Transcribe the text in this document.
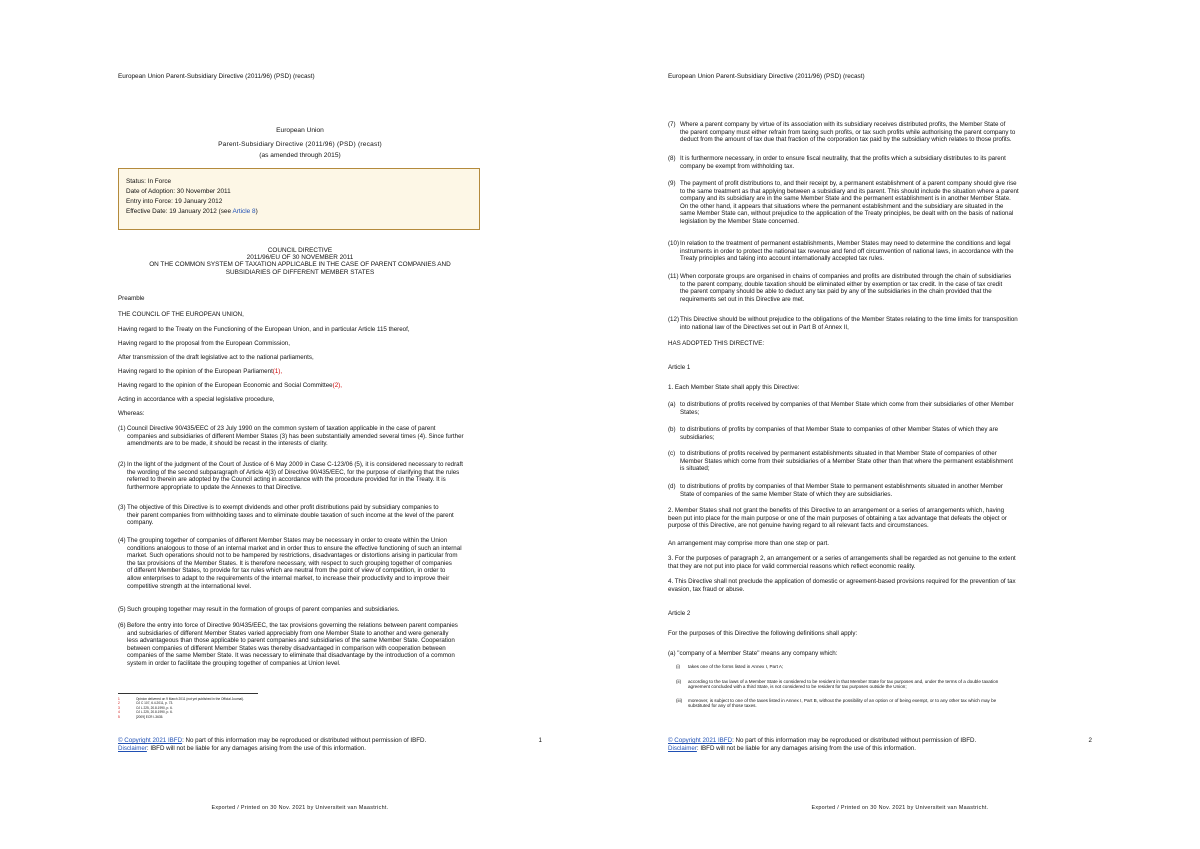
European Union Parent-Subsidiary Directive (2011/96) (PSD) (recast)
European Union
Parent-Subsidiary Directive (2011/96) (PSD) (recast)
(as amended through 2015)
Status: In Force
Date of Adoption: 30 November 2011
Entry into Force: 19 January 2012
Effective Date: 19 January 2012 (see Article 8)
COUNCIL DIRECTIVE
2011/96/EU OF 30 NOVEMBER 2011
ON THE COMMON SYSTEM OF TAXATION APPLICABLE IN THE CASE OF PARENT COMPANIES AND
SUBSIDIARIES OF DIFFERENT MEMBER STATES
Preamble
THE COUNCIL OF THE EUROPEAN UNION,
Having regard to the Treaty on the Functioning of the European Union, and in particular Article 115 thereof,
Having regard to the proposal from the European Commission,
After transmission of the draft legislative act to the national parliaments,
Having regard to the opinion of the European Parliament(1),
Having regard to the opinion of the European Economic and Social Committee(2),
Acting in accordance with a special legislative procedure,
Whereas:
(1) Council Directive 90/435/EEC of 23 July 1990 on the common system of taxation applicable in the case of parent
companies and subsidiaries of different Member States (3) has been substantially amended several times (4). Since further
amendments are to be made, it should be recast in the interests of clarity.
(2) In the light of the judgment of the Court of Justice of 6 May 2009 in Case C-123/06 (5), it is considered necessary to redraft
the wording of the second subparagraph of Article 4(3) of Directive 90/435/EEC, for the purpose of clarifying that the rules
referred to therein are adopted by the Council acting in accordance with the procedure provided for in the Treaty. It is
furthermore appropriate to update the Annexes to that Directive.
(3) The objective of this Directive is to exempt dividends and other profit distributions paid by subsidiary companies to
their parent companies from withholding taxes and to eliminate double taxation of such income at the level of the parent
company.
(4) The grouping together of companies of different Member States may be necessary in order to create within the Union
conditions analogous to those of an internal market and in order thus to ensure the effective functioning of such an internal
market. Such operations should not to be hampered by restrictions, disadvantages or distortions arising in particular from
the tax provisions of the Member States. It is therefore necessary, with respect to such grouping together of companies
of different Member States, to provide for tax rules which are neutral from the point of view of competition, in order to
allow enterprises to adapt to the requirements of the internal market, to increase their productivity and to improve their
competitive strength at the international level.
(5) Such grouping together may result in the formation of groups of parent companies and subsidiaries.
(6) Before the entry into force of Directive 90/435/EEC, the tax provisions governing the relations between parent companies
and subsidiaries of different Member States varied appreciably from one Member State to another and were generally
less advantageous than those applicable to parent companies and subsidiaries of the same Member State. Cooperation
between companies of different Member States was thereby disadvantaged in comparison with cooperation between
companies of the same Member State. It was necessary to eliminate that disadvantage by the introduction of a common
system in order to facilitate the grouping together of companies at Union level.
1	Opinion delivered on 9 March 2011 (not yet published in the Official Journal).
2	OJ C 107, 6.4.2011, p. 73.
3	OJ L 225, 20.8.1990, p. 6.
4	OJ L 225, 20.8.1990, p. 6.
5	[2009] ECR I-3635.
© Copyright 2021 IBFD: No part of this information may be reproduced or distributed without permission of IBFD.
Disclaimer: IBFD will not be liable for any damages arising from the use of this information.
1
Exported / Printed on 30 Nov. 2021 by Universiteit van Maastricht.
European Union Parent-Subsidiary Directive (2011/96) (PSD) (recast)
(7) Where a parent company by virtue of its association with its subsidiary receives distributed profits, the Member State of
the parent company must either refrain from taxing such profits, or tax such profits while authorising the parent company to
deduct from the amount of tax due that fraction of the corporation tax paid by the subsidiary which relates to those profits.
(8) It is furthermore necessary, in order to ensure fiscal neutrality, that the profits which a subsidiary distributes to its parent
company be exempt from withholding tax.
(9) The payment of profit distributions to, and their receipt by, a permanent establishment of a parent company should give rise
to the same treatment as that applying between a subsidiary and its parent. This should include the situation where a parent
company and its subsidiary are in the same Member State and the permanent establishment is in another Member State.
On the other hand, it appears that situations where the permanent establishment and the subsidiary are situated in the
same Member State can, without prejudice to the application of the Treaty principles, be dealt with on the basis of national
legislation by the Member State concerned.
(10) In relation to the treatment of permanent establishments, Member States may need to determine the conditions and legal
instruments in order to protect the national tax revenue and fend off circumvention of national laws, in accordance with the
Treaty principles and taking into account internationally accepted tax rules.
(11) When corporate groups are organised in chains of companies and profits are distributed through the chain of subsidiaries
to the parent company, double taxation should be eliminated either by exemption or tax credit. In the case of tax credit
the parent company should be able to deduct any tax paid by any of the subsidiaries in the chain provided that the
requirements set out in this Directive are met.
(12) This Directive should be without prejudice to the obligations of the Member States relating to the time limits for transposition
into national law of the Directives set out in Part B of Annex II,
HAS ADOPTED THIS DIRECTIVE:
Article 1
1. Each Member State shall apply this Directive:
(a) to distributions of profits received by companies of that Member State which come from their subsidiaries of other Member
States;
(b) to distributions of profits by companies of that Member State to companies of other Member States of which they are
subsidiaries;
(c) to distributions of profits received by permanent establishments situated in that Member State of companies of other
Member States which come from their subsidiaries of a Member State other than that where the permanent establishment
is situated;
(d) to distributions of profits by companies of that Member State to permanent establishments situated in another Member
State of companies of the same Member State of which they are subsidiaries.
2. Member States shall not grant the benefits of this Directive to an arrangement or a series of arrangements which, having
been put into place for the main purpose or one of the main purposes of obtaining a tax advantage that defeats the object or
purpose of this Directive, are not genuine having regard to all relevant facts and circumstances.
An arrangement may comprise more than one step or part.
3. For the purposes of paragraph 2, an arrangement or a series of arrangements shall be regarded as not genuine to the extent
that they are not put into place for valid commercial reasons which reflect economic reality.
4. This Directive shall not preclude the application of domestic or agreement-based provisions required for the prevention of tax
evasion, tax fraud or abuse.
Article 2
For the purposes of this Directive the following definitions shall apply:
(a) "company of a Member State" means any company which:
(i) takes one of the forms listed in Annex I, Part A;
(ii) according to the tax laws of a Member State is considered to be resident in that Member State for tax purposes and, under the terms of a double taxation
agreement concluded with a third State, is not considered to be resident for tax purposes outside the Union;
(iii) moreover, is subject to one of the taxes listed in Annex I, Part B, without the possibility of an option or of being exempt, or to any other tax which may be
substituted for any of those taxes.
© Copyright 2021 IBFD: No part of this information may be reproduced or distributed without permission of IBFD.
Disclaimer: IBFD will not be liable for any damages arising from the use of this information.
2
Exported / Printed on 30 Nov. 2021 by Universiteit van Maastricht.
